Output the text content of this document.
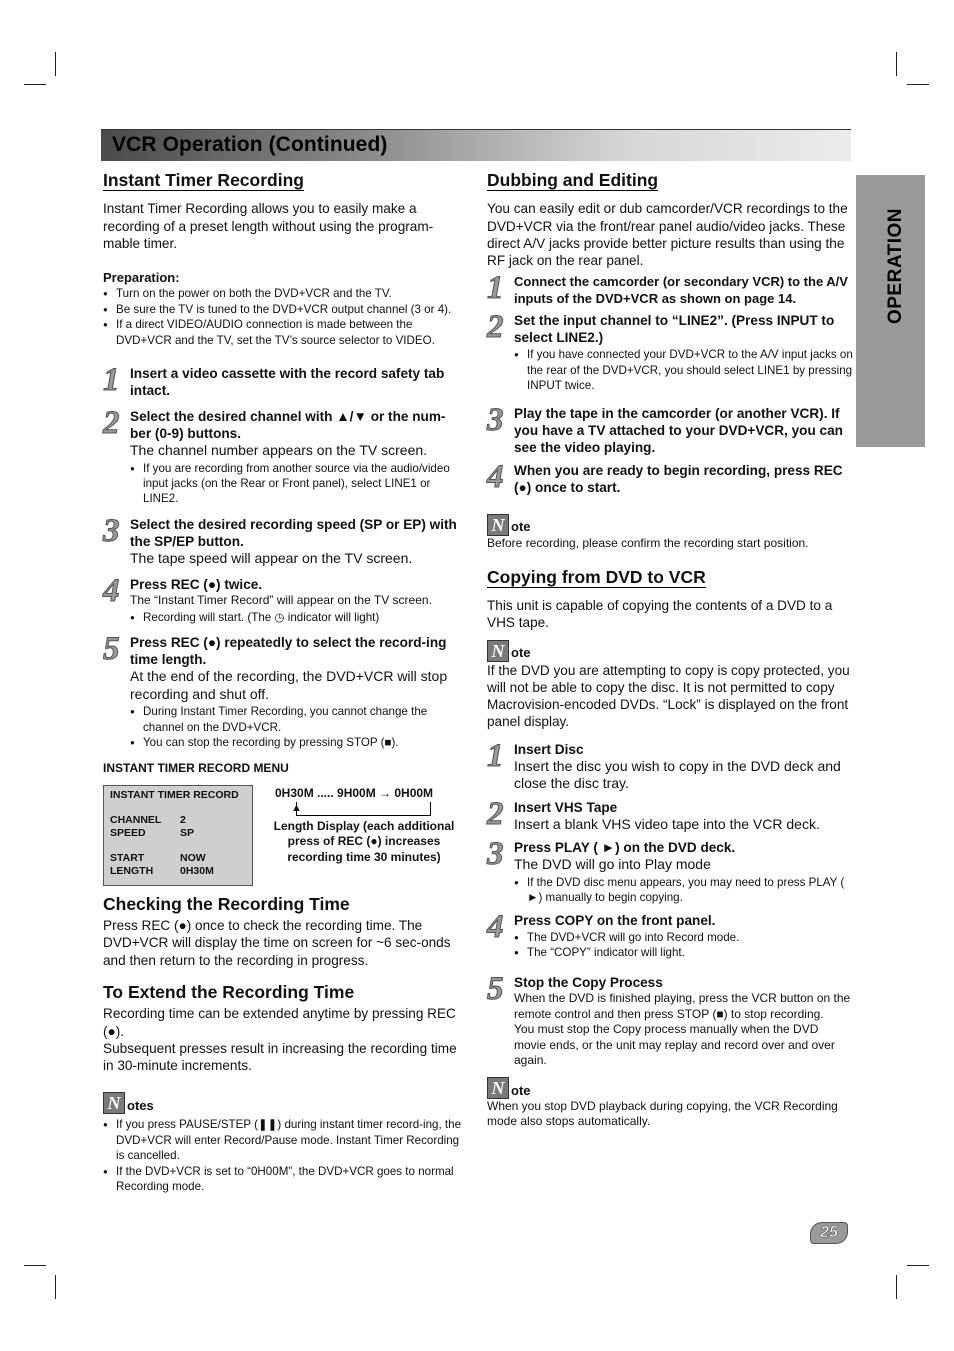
VCR Operation (Continued)
OPERATION
Instant Timer Recording

Instant Timer Recording allows you to easily make a recording of a preset length without using the program-mable timer.

Preparation:
● Turn on the power on both the DVD+VCR and the TV.
● Be sure the TV is tuned to the DVD+VCR output channel (3 or 4).
● If a direct VIDEO/AUDIO connection is made between the DVD+VCR and the TV, set the TV’s source selector to VIDEO.
1 Insert a video cassette with the record safety tab intact.
2 Select the desired channel with ▲/▼ or the num-ber (0-9) buttons.
The channel number appears on the TV screen.
● If you are recording from another source via the audio/video input jacks (on the Rear or Front panel), select LINE1 or LINE2.
3 Select the desired recording speed (SP or EP) with the SP/EP button.
The tape speed will appear on the TV screen.
4 Press REC (●) twice.
The “Instant Timer Record” will appear on the TV screen.
● Recording will start. (The ◷ indicator will light)
5 Press REC (●) repeatedly to select the record-ing time length.
At the end of the recording, the DVD+VCR will stop recording and shut off.
● During Instant Timer Recording, you cannot change the channel on the DVD+VCR.
● You can stop the recording by pressing STOP (■).
INSTANT TIMER RECORD MENU
INSTANT TIMER RECORD
CHANNEL	2
SPEED	SP
START	NOW
LENGTH	0H30M
0H30M ..... 9H00M → 0H00M
▲
Length Display (each additional press of REC (●) increases recording time 30 minutes)
Checking the Recording Time

Press REC (●) once to check the recording time. The DVD+VCR will display the time on screen for ~6 sec-onds and then return to the recording in progress.

To Extend the Recording Time

Recording time can be extended anytime by pressing REC (●).

Subsequent presses result in increasing the recording time in 30-minute increments.

N otes
● If you press PAUSE/STEP (❚❚) during instant timer record-ing, the DVD+VCR will enter Record/Pause mode. Instant Timer Recording is cancelled.
● If the DVD+VCR is set to “0H00M”, the DVD+VCR goes to normal Recording mode.
Dubbing and Editing

You can easily edit or dub camcorder/VCR recordings to the DVD+VCR via the front/rear panel audio/video jacks. These direct A/V jacks provide better picture results than using the RF jack on the rear panel.

1 Connect the camcorder (or secondary VCR) to the A/V inputs of the DVD+VCR as shown on page 14.
2 Set the input channel to “LINE2”. (Press INPUT to select LINE2.)
● If you have connected your DVD+VCR to the A/V input jacks on the rear of the DVD+VCR, you should select LINE1 by pressing INPUT twice.
3 Play the tape in the camcorder (or another VCR). If you have a TV attached to your DVD+VCR, you can see the video playing.
4 When you are ready to begin recording, press REC (●) once to start.
N ote

Before recording, please confirm the recording start position.

Copying from DVD to VCR

This unit is capable of copying the contents of a DVD to a VHS tape.

N ote

If the DVD you are attempting to copy is copy protected, you will not be able to copy the disc. It is not permitted to copy Macrovision-encoded DVDs. “Lock” is displayed on the front panel display.

1 Insert Disc
Insert the disc you wish to copy in the DVD deck and close the disc tray.
2 Insert VHS Tape
Insert a blank VHS video tape into the VCR deck.
3 Press PLAY ( ►) on the DVD deck.
The DVD will go into Play mode
● If the DVD disc menu appears, you may need to press PLAY ( ►) manually to begin copying.
4 Press COPY on the front panel.
● The DVD+VCR will go into Record mode.
● The “COPY” indicator will light.
5 Stop the Copy Process
When the DVD is finished playing, press the VCR button on the remote control and then press STOP (■) to stop recording.
You must stop the Copy process manually when the DVD movie ends, or the unit may replay and record over and over again.
N ote

When you stop DVD playback during copying, the VCR Recording mode also stops automatically.

25
